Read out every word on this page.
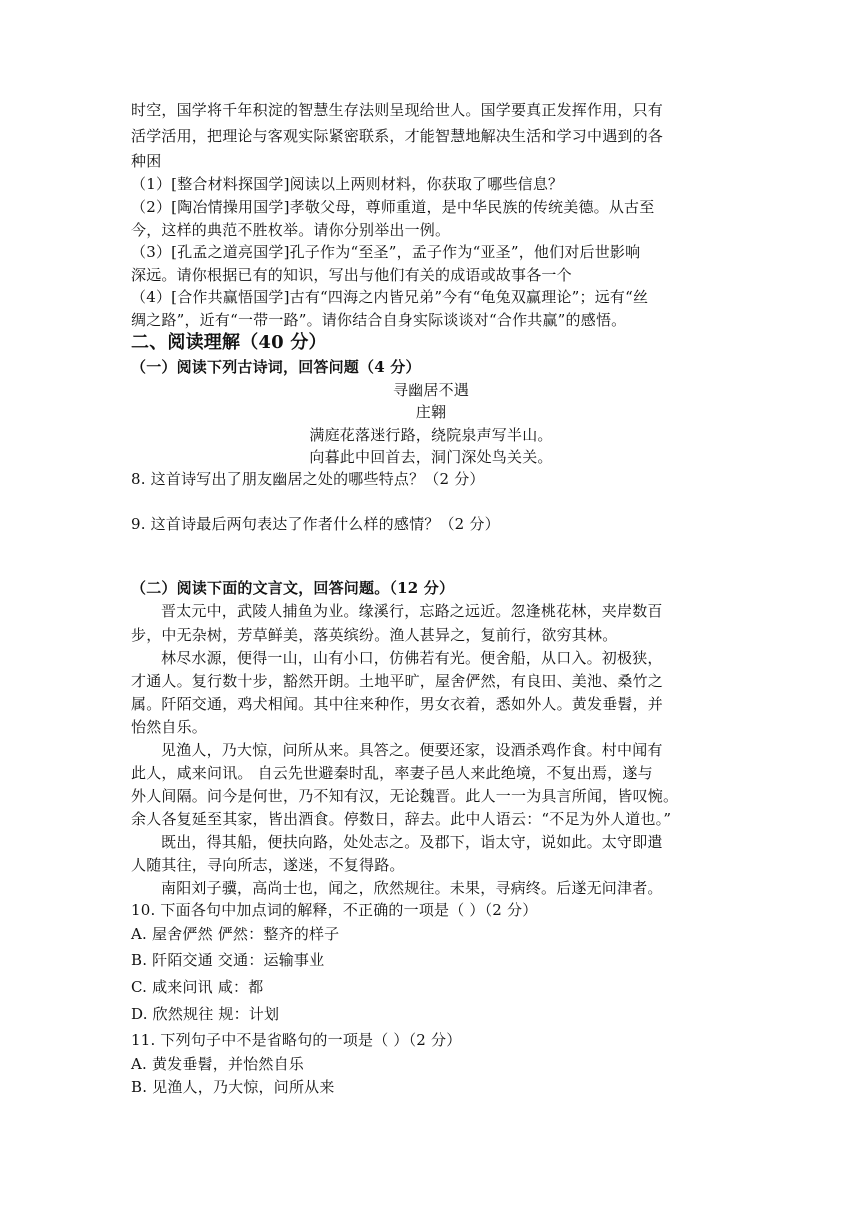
时空，国学将千年积淀的智慧生存法则呈现给世人。国学要真正发挥作用，只有
活学活用，把理论与客观实际紧密联系，才能智慧地解决生活和学习中遇到的各
种困
（1）[整合材料探国学]阅读以上两则材料，你获取了哪些信息？
（2）[陶冶情操用国学]孝敬父母，尊师重道，是中华民族的传统美德。从古至
今，这样的典范不胜枚举。请你分别举出一例。
（3）[孔孟之道亮国学]孔子作为“至圣”，孟子作为“亚圣”，他们对后世影响
深远。请你根据已有的知识，写出与他们有关的成语或故事各一个
（4）[合作共赢悟国学]古有“四海之内皆兄弟”今有“龟兔双赢理论”；远有“丝
绸之路”，近有“一带一路”。请你结合自身实际谈谈对“合作共赢”的感悟。
二、阅读理解（40 分）
（一）阅读下列古诗词，回答问题（4 分）
寻幽居不遇
庄翱
满庭花落迷行路，绕院泉声写半山。
向暮此中回首去，洞门深处鸟关关。
8. 这首诗写出了朋友幽居之处的哪些特点？（2 分）
9. 这首诗最后两句表达了作者什么样的感情？（2 分）
（二）阅读下面的文言文，回答问题。（12 分）
晋太元中，武陵人捕鱼为业。缘溪行，忘路之远近。忽逢桃花林，夹岸数百
步，中无杂树，芳草鲜美，落英缤纷。渔人甚异之，复前行，欲穷其林。
林尽水源，便得一山，山有小口，仿佛若有光。便舍船，从口入。初极狭，
才通人。复行数十步，豁然开朗。土地平旷，屋舍俨然，有良田、美池、桑竹之
属。阡陌交通，鸡犬相闻。其中往来种作，男女衣着，悉如外人。黄发垂髫，并
怡然自乐。
见渔人，乃大惊，问所从来。具答之。便要还家，设酒杀鸡作食。村中闻有
此人，咸来问讯。 自云先世避秦时乱，率妻子邑人来此绝境，不复出焉，遂与
外人间隔。问今是何世，乃不知有汉，无论魏晋。此人一一为具言所闻，皆叹惋。
余人各复延至其家，皆出酒食。停数日，辞去。此中人语云：“不足为外人道也。”
既出，得其船，便扶向路，处处志之。及郡下，诣太守，说如此。太守即遣
人随其往，寻向所志，遂迷，不复得路。
南阳刘子骥，高尚士也，闻之，欣然规往。未果，寻病终。后遂无问津者。
10. 下面各句中加点词的解释，不正确的一项是（ ）（2 分）
A. 屋舍俨然 俨然：整齐的样子
B. 阡陌交通 交通：运输事业
C. 咸来问讯 咸：都
D. 欣然规往 规：计划
11. 下列句子中不是省略句的一项是（ ）（2 分）
A. 黄发垂髫，并怡然自乐
B. 见渔人，乃大惊，问所从来
